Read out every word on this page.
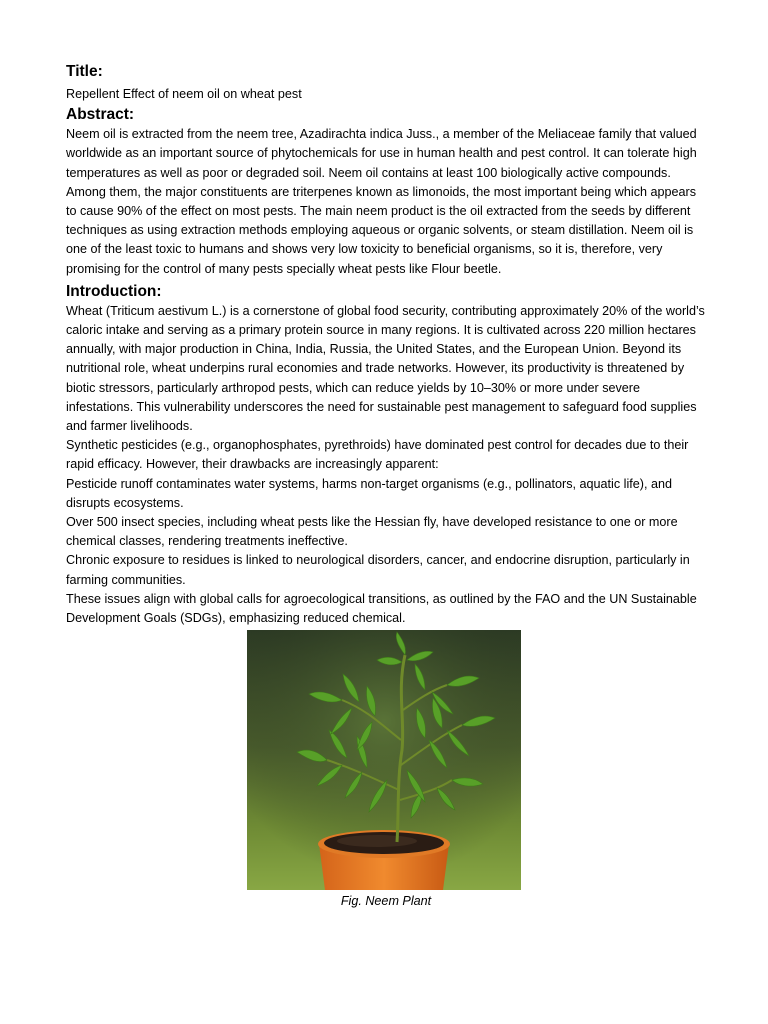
Title:

Repellent Effect of neem oil on wheat pest

Abstract:

Neem oil is extracted from the neem tree, Azadirachta indica Juss., a member of the Meliaceae family that valued worldwide as an important source of phytochemicals for use in human health and pest control. It can tolerate high temperatures as well as poor or degraded soil. Neem oil contains at least 100 biologically active compounds. Among them, the major constituents are triterpenes known as limonoids, the most important being which appears to cause 90% of the effect on most pests. The main neem product is the oil extracted from the seeds by different techniques as using extraction methods employing aqueous or organic solvents, or steam distillation. Neem oil is one of the least toxic to humans and shows very low toxicity to beneficial organisms, so it is, therefore, very promising for the control of many pests specially wheat pests like Flour beetle.

Introduction:

Wheat (Triticum aestivum L.) is a cornerstone of global food security, contributing approximately 20% of the world’s caloric intake and serving as a primary protein source in many regions. It is cultivated across 220 million hectares annually, with major production in China, India, Russia, the United States, and the European Union. Beyond its nutritional role, wheat underpins rural economies and trade networks. However, its productivity is threatened by biotic stressors, particularly arthropod pests, which can reduce yields by 10–30% or more under severe infestations. This vulnerability underscores the need for sustainable pest management to safeguard food supplies and farmer livelihoods.

Synthetic pesticides (e.g., organophosphates, pyrethroids) have dominated pest control for decades due to their rapid efficacy. However, their drawbacks are increasingly apparent:

Pesticide runoff contaminates water systems, harms non-target organisms (e.g., pollinators, aquatic life), and disrupts ecosystems.

Over 500 insect species, including wheat pests like the Hessian fly, have developed resistance to one or more chemical classes, rendering treatments ineffective.

Chronic exposure to residues is linked to neurological disorders, cancer, and endocrine disruption, particularly in farming communities.

These issues align with global calls for agroecological transitions, as outlined by the FAO and the UN Sustainable Development Goals (SDGs), emphasizing reduced chemical.

Fig. Neem Plant
